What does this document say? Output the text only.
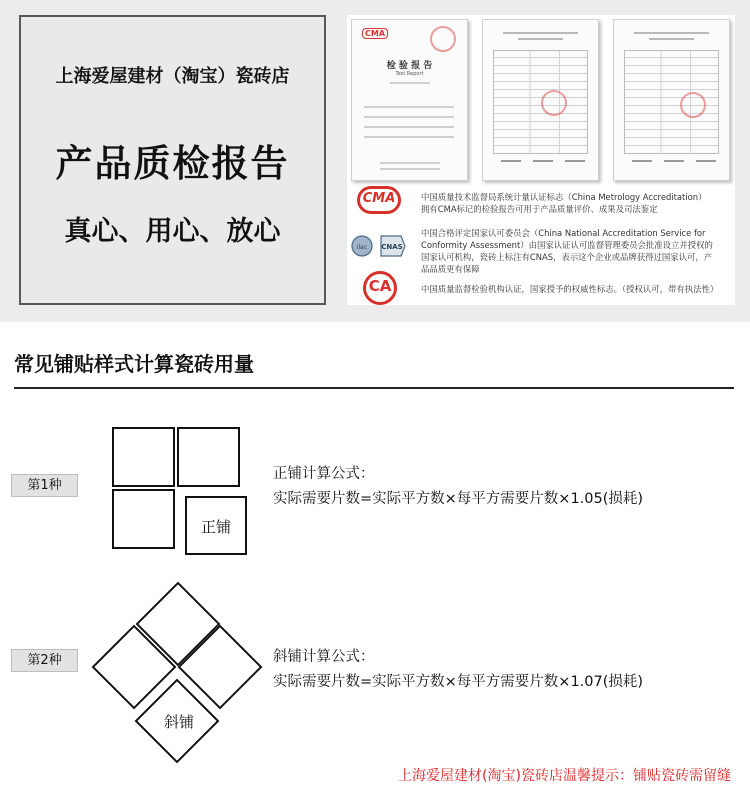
上海爱屋建材（淘宝）瓷砖店
产品质检报告
真心、用心、放心
CMA
检 验 报 告
Test Report
CMA	中国质量技术监督局系统计量认证标志（China Metrology Accreditation）
拥有CMA标记的检验报告可用于产品质量评价、成果及司法鉴定
ilac CNAS
中国合格评定国家认可委员会（China National Accreditation Service for
Conformity Assessment）由国家认证认可监督管理委员会批准设立并授权的
国家认可机构，瓷砖上标注有CNAS，表示这个企业或品牌获得过国家认可，产
品品质更有保障
CA	中国质量监督检验机构认证，国家授予的权威性标志。（授权认可，带有执法性）
常见铺贴样式计算瓷砖用量
第1种
正铺
正铺计算公式：
实际需要片数=实际平方数×每平方需要片数×1.05(损耗)
第2种
斜铺
斜铺计算公式：
实际需要片数=实际平方数×每平方需要片数×1.07(损耗)
上海爱屋建材(淘宝)瓷砖店温馨提示：铺贴瓷砖需留缝
